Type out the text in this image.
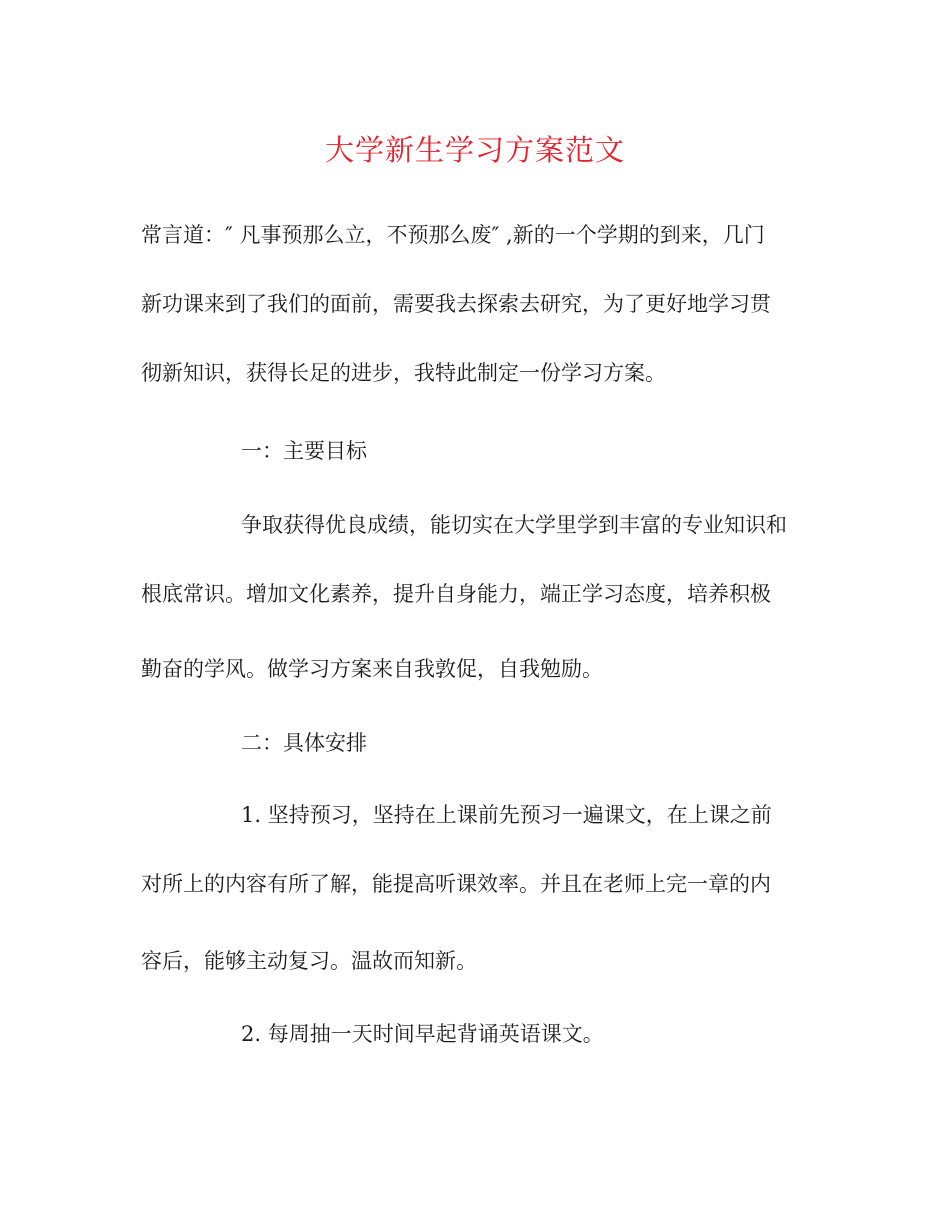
大学新生学习方案范文
常言道：″ 凡事预那么立，不预那么废″ ,新的一个学期的到来，几门
新功课来到了我们的面前，需要我去探索去研究，为了更好地学习贯
彻新知识，获得长足的进步，我特此制定一份学习方案。
一：主要目标
争取获得优良成绩，能切实在大学里学到丰富的专业知识和
根底常识。增加文化素养，提升自身能力，端正学习态度，培养积极
勤奋的学风。做学习方案来自我敦促，自我勉励。
二：具体安排
1. 坚持预习，坚持在上课前先预习一遍课文，在上课之前
对所上的内容有所了解，能提高听课效率。并且在老师上完一章的内
容后，能够主动复习。温故而知新。
2. 每周抽一天时间早起背诵英语课文。
